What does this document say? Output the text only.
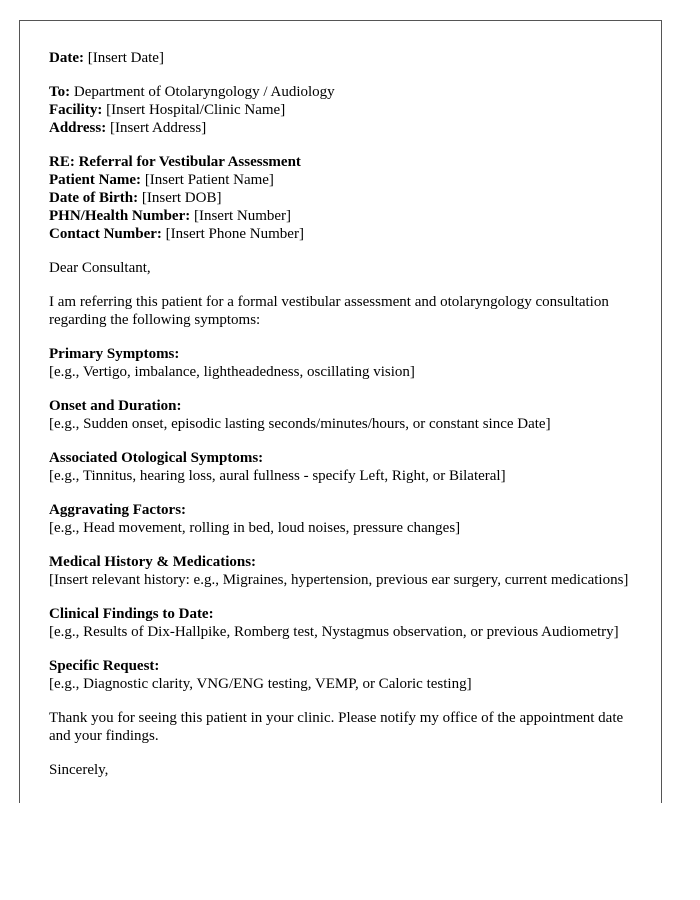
Date: [Insert Date]
To: Department of Otolaryngology / Audiology
Facility: [Insert Hospital/Clinic Name]
Address: [Insert Address]
RE: Referral for Vestibular Assessment
Patient Name: [Insert Patient Name]
Date of Birth: [Insert DOB]
PHN/Health Number: [Insert Number]
Contact Number: [Insert Phone Number]
Dear Consultant,
I am referring this patient for a formal vestibular assessment and otolaryngology consultation regarding the following symptoms:
Primary Symptoms:
[e.g., Vertigo, imbalance, lightheadedness, oscillating vision]
Onset and Duration:
[e.g., Sudden onset, episodic lasting seconds/minutes/hours, or constant since Date]
Associated Otological Symptoms:
[e.g., Tinnitus, hearing loss, aural fullness - specify Left, Right, or Bilateral]
Aggravating Factors:
[e.g., Head movement, rolling in bed, loud noises, pressure changes]
Medical History & Medications:
[Insert relevant history: e.g., Migraines, hypertension, previous ear surgery, current medications]
Clinical Findings to Date:
[e.g., Results of Dix-Hallpike, Romberg test, Nystagmus observation, or previous Audiometry]
Specific Request:
[e.g., Diagnostic clarity, VNG/ENG testing, VEMP, or Caloric testing]
Thank you for seeing this patient in your clinic. Please notify my office of the appointment date and your findings.
Sincerely,
